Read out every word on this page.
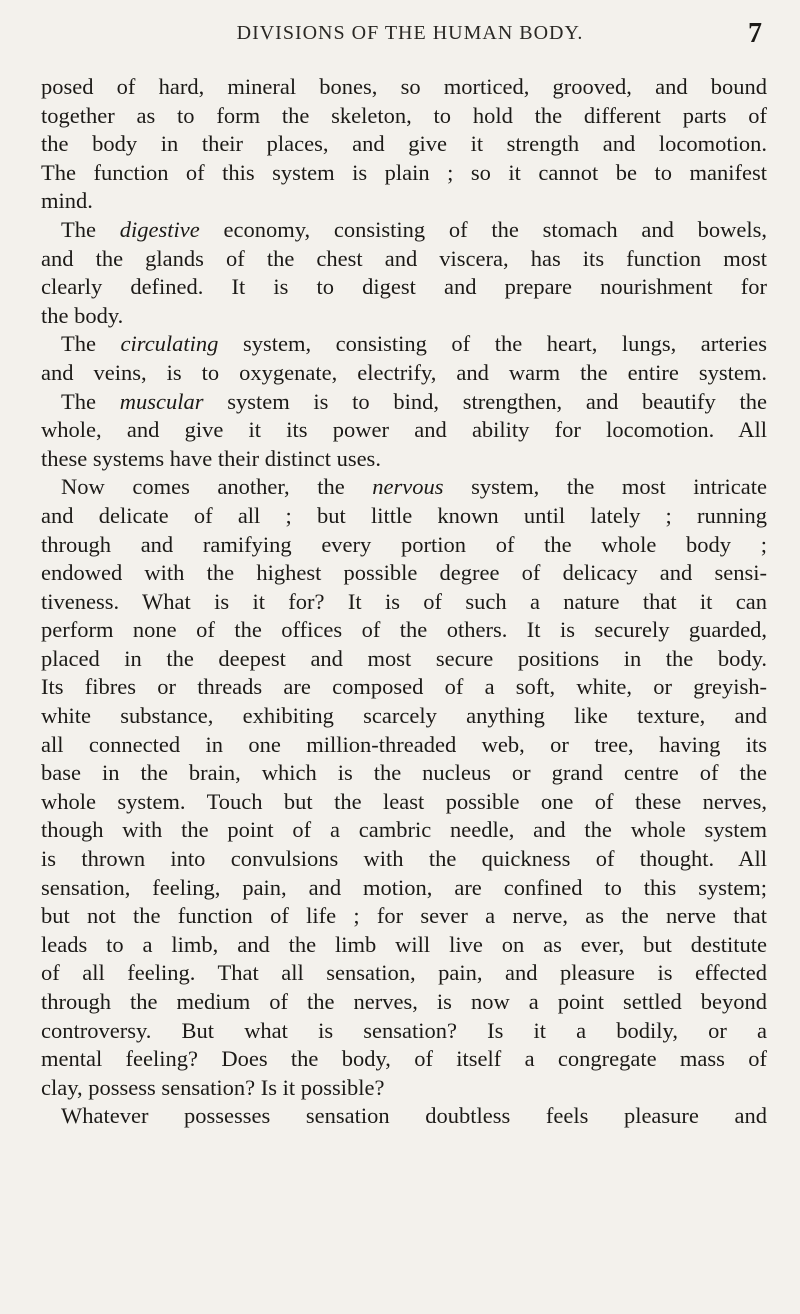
DIVISIONS OF THE HUMAN BODY.	7
posed of hard, mineral bones, so morticed, grooved, and bound
together as to form the skeleton, to hold the different parts of
the body in their places, and give it strength and locomotion.
The function of this system is plain ; so it cannot be to manifest
mind.
The digestive economy, consisting of the stomach and bowels,
and the glands of the chest and viscera, has its function most
clearly defined. It is to digest and prepare nourishment for
the body.
The circulating system, consisting of the heart, lungs, arteries
and veins, is to oxygenate, electrify, and warm the entire system.
The muscular system is to bind, strengthen, and beautify the
whole, and give it its power and ability for locomotion. All
these systems have their distinct uses.
Now comes another, the nervous system, the most intricate
and delicate of all ; but little known until lately ; running
through and ramifying every portion of the whole body ;
endowed with the highest possible degree of delicacy and sensi-
tiveness. What is it for? It is of such a nature that it can
perform none of the offices of the others. It is securely guarded,
placed in the deepest and most secure positions in the body.
Its fibres or threads are composed of a soft, white, or greyish-
white substance, exhibiting scarcely anything like texture, and
all connected in one million-threaded web, or tree, having its
base in the brain, which is the nucleus or grand centre of the
whole system. Touch but the least possible one of these nerves,
though with the point of a cambric needle, and the whole system
is thrown into convulsions with the quickness of thought. All
sensation, feeling, pain, and motion, are confined to this system;
but not the function of life ; for sever a nerve, as the nerve that
leads to a limb, and the limb will live on as ever, but destitute
of all feeling. That all sensation, pain, and pleasure is effected
through the medium of the nerves, is now a point settled beyond
controversy. But what is sensation? Is it a bodily, or a
mental feeling? Does the body, of itself a congregate mass of
clay, possess sensation? Is it possible?
Whatever possesses sensation doubtless feels pleasure and
